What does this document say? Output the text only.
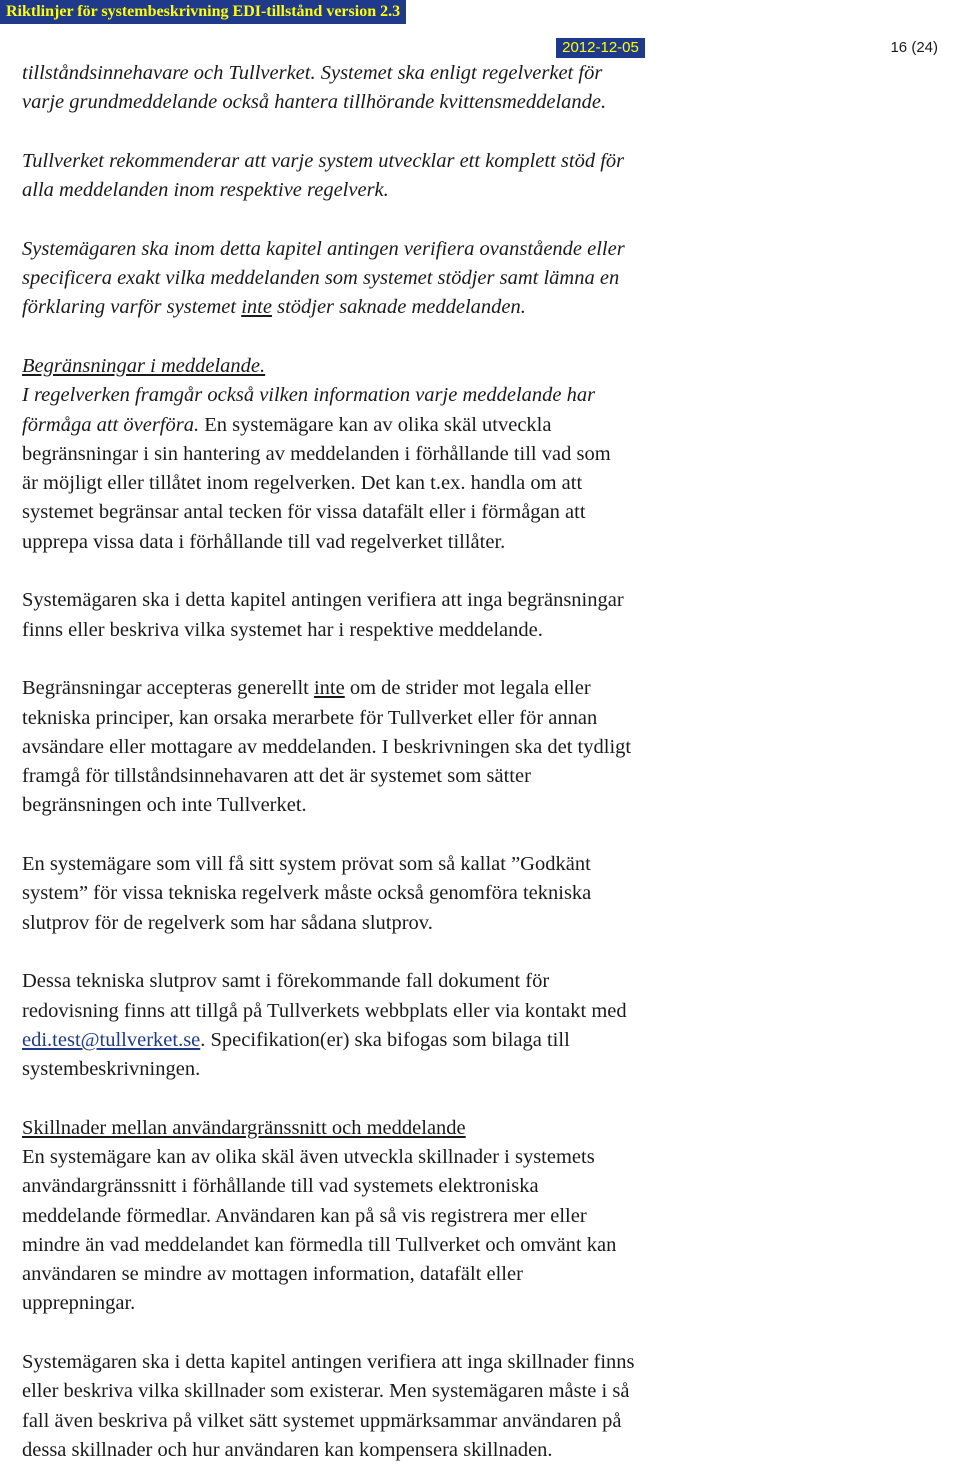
Riktlinjer för systembeskrivning EDI-tillstånd version 2.3
2012-12-05	16 (24)

tillståndsinnehavare och Tullverket. Systemet ska enligt regelverket för
varje grundmeddelande också hantera tillhörande kvittensmeddelande.

Tullverket rekommenderar att varje system utvecklar ett komplett stöd för
alla meddelanden inom respektive regelverk.

Systemägaren ska inom detta kapitel antingen verifiera ovanstående eller
specificera exakt vilka meddelanden som systemet stödjer samt lämna en
förklaring varför systemet inte stödjer saknade meddelanden.

Begränsningar i meddelande.
I regelverken framgår också vilken information varje meddelande har
förmåga att överföra. En systemägare kan av olika skäl utveckla
begränsningar i sin hantering av meddelanden i förhållande till vad som
är möjligt eller tillåtet inom regelverken. Det kan t.ex. handla om att
systemet begränsar antal tecken för vissa datafält eller i förmågan att
upprepa vissa data i förhållande till vad regelverket tillåter.

Systemägaren ska i detta kapitel antingen verifiera att inga begränsningar
finns eller beskriva vilka systemet har i respektive meddelande.

Begränsningar accepteras generellt inte om de strider mot legala eller
tekniska principer, kan orsaka merarbete för Tullverket eller för annan
avsändare eller mottagare av meddelanden. I beskrivningen ska det tydligt
framgå för tillståndsinnehavaren att det är systemet som sätter
begränsningen och inte Tullverket.

En systemägare som vill få sitt system prövat som så kallat ”Godkänt
system” för vissa tekniska regelverk måste också genomföra tekniska
slutprov för de regelverk som har sådana slutprov.

Dessa tekniska slutprov samt i förekommande fall dokument för
redovisning finns att tillgå på Tullverkets webbplats eller via kontakt med
edi.test@tullverket.se. Specifikation(er) ska bifogas som bilaga till
systembeskrivningen.

Skillnader mellan användargränssnitt och meddelande
En systemägare kan av olika skäl även utveckla skillnader i systemets
användargränssnitt i förhållande till vad systemets elektroniska
meddelande förmedlar. Användaren kan på så vis registrera mer eller
mindre än vad meddelandet kan förmedla till Tullverket och omvänt kan
användaren se mindre av mottagen information, datafält eller
upprepningar.

Systemägaren ska i detta kapitel antingen verifiera att inga skillnader finns
eller beskriva vilka skillnader som existerar. Men systemägaren måste i så
fall även beskriva på vilket sätt systemet uppmärksammar användaren på
dessa skillnader och hur användaren kan kompensera skillnaden.
